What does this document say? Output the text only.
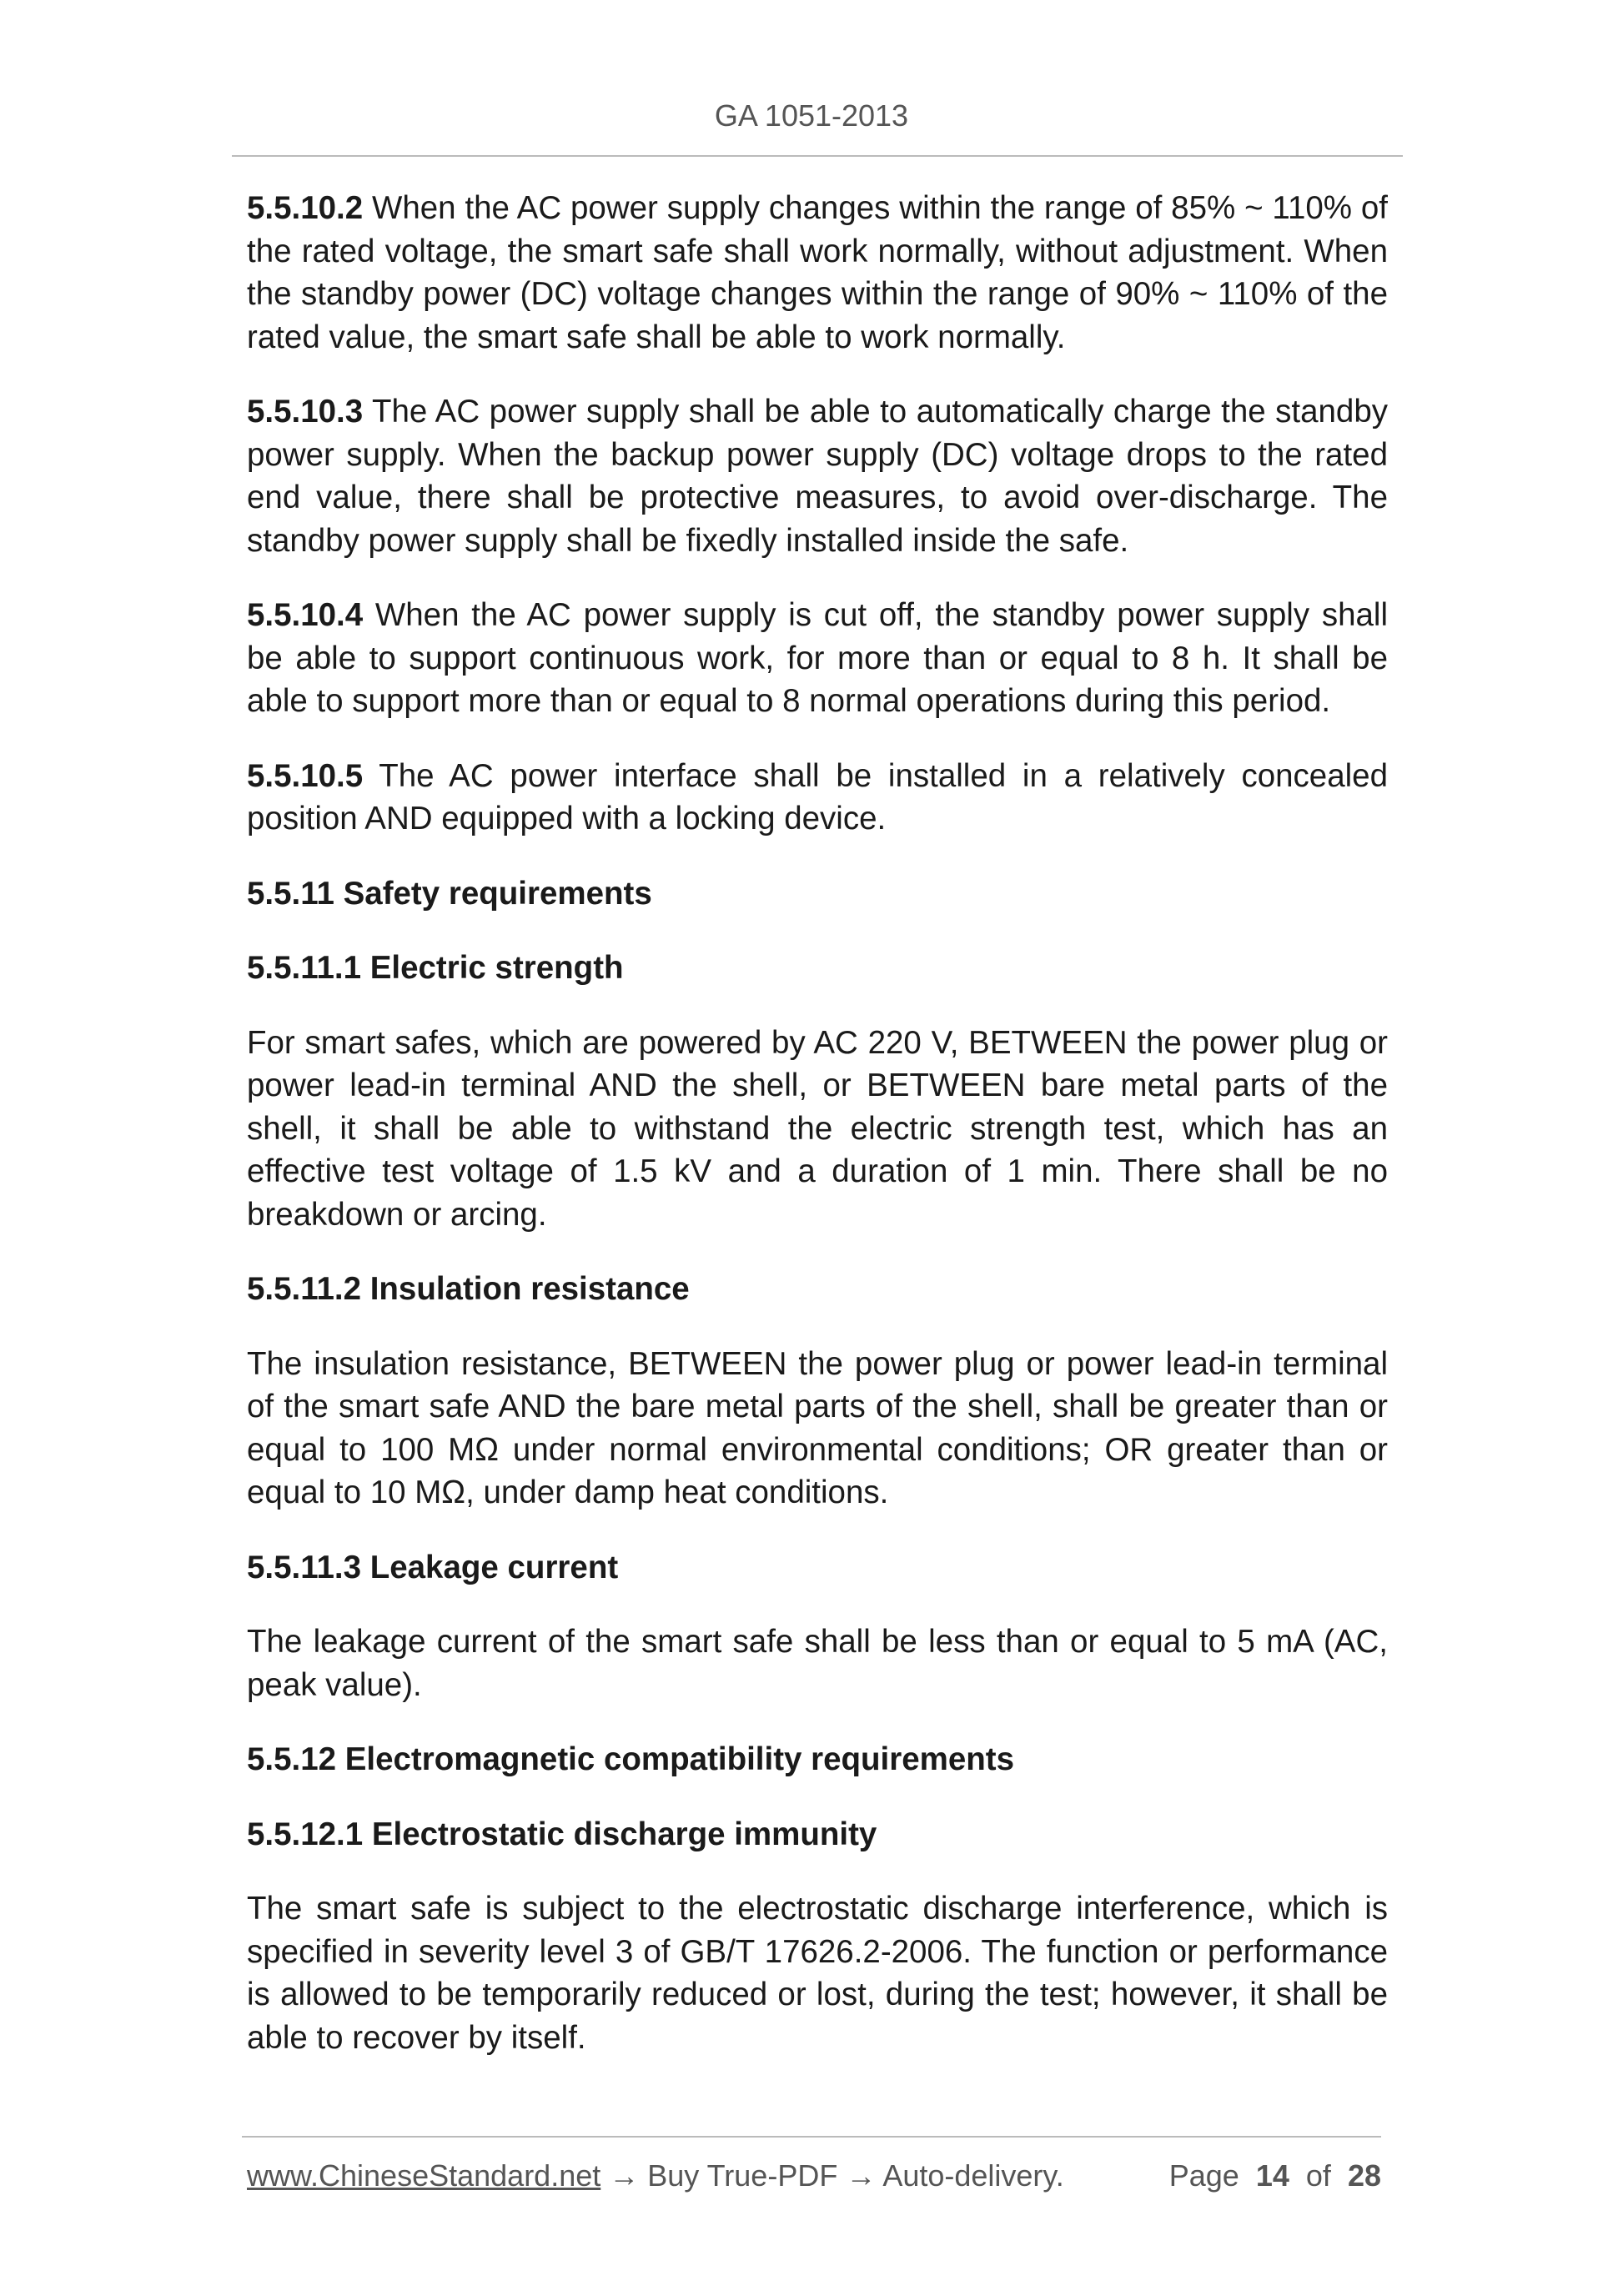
GA 1051-2013

5.5.10.2 When the AC power supply changes within the range of 85% ~ 110% of the rated voltage, the smart safe shall work normally, without adjustment. When the standby power (DC) voltage changes within the range of 90% ~ 110% of the rated value, the smart safe shall be able to work normally.

5.5.10.3 The AC power supply shall be able to automatically charge the standby power supply. When the backup power supply (DC) voltage drops to the rated end value, there shall be protective measures, to avoid over-discharge. The standby power supply shall be fixedly installed inside the safe.

5.5.10.4 When the AC power supply is cut off, the standby power supply shall be able to support continuous work, for more than or equal to 8 h. It shall be able to support more than or equal to 8 normal operations during this period.

5.5.10.5 The AC power interface shall be installed in a relatively concealed position AND equipped with a locking device.

5.5.11 Safety requirements

5.5.11.1 Electric strength

For smart safes, which are powered by AC 220 V, BETWEEN the power plug or power lead-in terminal AND the shell, or BETWEEN bare metal parts of the shell, it shall be able to withstand the electric strength test, which has an effective test voltage of 1.5 kV and a duration of 1 min. There shall be no breakdown or arcing.

5.5.11.2 Insulation resistance

The insulation resistance, BETWEEN the power plug or power lead-in terminal of the smart safe AND the bare metal parts of the shell, shall be greater than or equal to 100 MΩ under normal environmental conditions; OR greater than or equal to 10 MΩ, under damp heat conditions.

5.5.11.3 Leakage current

The leakage current of the smart safe shall be less than or equal to 5 mA (AC, peak value).

5.5.12 Electromagnetic compatibility requirements

5.5.12.1 Electrostatic discharge immunity

The smart safe is subject to the electrostatic discharge interference, which is specified in severity level 3 of GB/T 17626.2-2006. The function or performance is allowed to be temporarily reduced or lost, during the test; however, it shall be able to recover by itself.

www.ChineseStandard.net → Buy True-PDF → Auto-delivery.	Page 14 of 28
